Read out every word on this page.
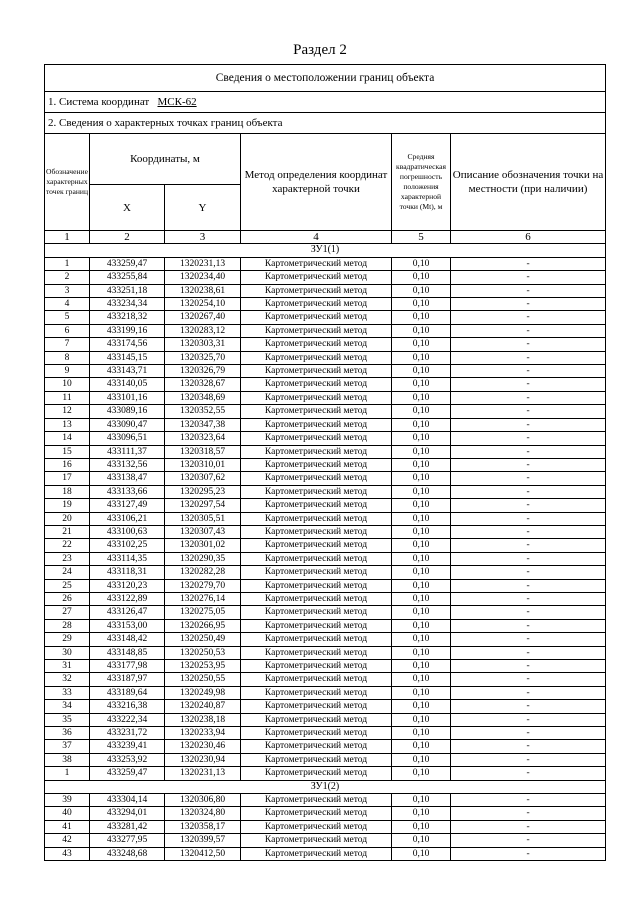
Раздел 2
Сведения о местоположении границ объекта					
1. Система координат МСК-62					
2. Сведения о характерных точках границ объекта					
Обозначение характерных точек границ	Координаты, м		Метод определения координат характерной точки	Средняя квадратическая погрешность положения характерной точки (Mt), м	Описание обозначения точки на местности (при наличии)
	X	Y			
1	2	3	4	5	6
ЗУ1(1)					
1	433259,47	1320231,13	Картометрический метод	0,10	-
2	433255,84	1320234,40	Картометрический метод	0,10	-
3	433251,18	1320238,61	Картометрический метод	0,10	-
4	433234,34	1320254,10	Картометрический метод	0,10	-
5	433218,32	1320267,40	Картометрический метод	0,10	-
6	433199,16	1320283,12	Картометрический метод	0,10	-
7	433174,56	1320303,31	Картометрический метод	0,10	-
8	433145,15	1320325,70	Картометрический метод	0,10	-
9	433143,71	1320326,79	Картометрический метод	0,10	-
10	433140,05	1320328,67	Картометрический метод	0,10	-
11	433101,16	1320348,69	Картометрический метод	0,10	-
12	433089,16	1320352,55	Картометрический метод	0,10	-
13	433090,47	1320347,38	Картометрический метод	0,10	-
14	433096,51	1320323,64	Картометрический метод	0,10	-
15	433111,37	1320318,57	Картометрический метод	0,10	-
16	433132,56	1320310,01	Картометрический метод	0,10	-
17	433138,47	1320307,62	Картометрический метод	0,10	-
18	433133,66	1320295,23	Картометрический метод	0,10	-
19	433127,49	1320297,54	Картометрический метод	0,10	-
20	433106,21	1320305,51	Картометрический метод	0,10	-
21	433100,63	1320307,43	Картометрический метод	0,10	-
22	433102,25	1320301,02	Картометрический метод	0,10	-
23	433114,35	1320290,35	Картометрический метод	0,10	-
24	433118,31	1320282,28	Картометрический метод	0,10	-
25	433120,23	1320279,70	Картометрический метод	0,10	-
26	433122,89	1320276,14	Картометрический метод	0,10	-
27	433126,47	1320275,05	Картометрический метод	0,10	-
28	433153,00	1320266,95	Картометрический метод	0,10	-
29	433148,42	1320250,49	Картометрический метод	0,10	-
30	433148,85	1320250,53	Картометрический метод	0,10	-
31	433177,98	1320253,95	Картометрический метод	0,10	-
32	433187,97	1320250,55	Картометрический метод	0,10	-
33	433189,64	1320249,98	Картометрический метод	0,10	-
34	433216,38	1320240,87	Картометрический метод	0,10	-
35	433222,34	1320238,18	Картометрический метод	0,10	-
36	433231,72	1320233,94	Картометрический метод	0,10	-
37	433239,41	1320230,46	Картометрический метод	0,10	-
38	433253,92	1320230,94	Картометрический метод	0,10	-
1	433259,47	1320231,13	Картометрический метод	0,10	-
ЗУ1(2)					
39	433304,14	1320306,80	Картометрический метод	0,10	-
40	433294,01	1320324,80	Картометрический метод	0,10	-
41	433281,42	1320358,17	Картометрический метод	0,10	-
42	433277,95	1320399,57	Картометрический метод	0,10	-
43	433248,68	1320412,50	Картометрический метод	0,10	-
